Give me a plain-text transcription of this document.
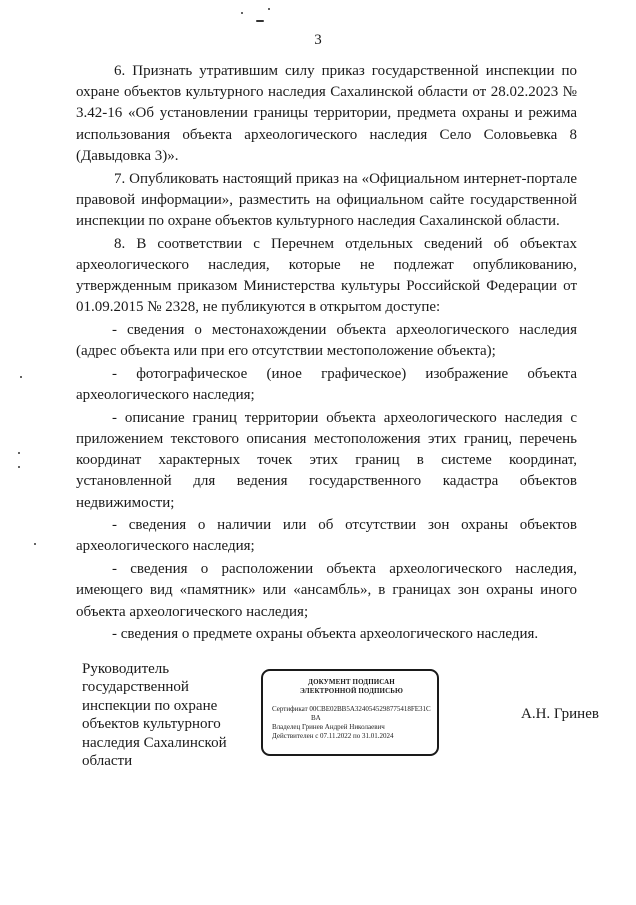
3

6. Признать утратившим силу приказ государственной инспекции по охране объектов культурного наследия Сахалинской области от 28.02.2023 № 3.42-16 «Об установлении границы территории, предмета охраны и режима использования объекта археологического наследия Село Соловьевка 8 (Давыдовка 3)».

7. Опубликовать настоящий приказ на «Официальном интернет-портале правовой информации», разместить на официальном сайте государственной инспекции по охране объектов культурного наследия Сахалинской области.

8. В соответствии с Перечнем отдельных сведений об объектах археологического наследия, которые не подлежат опубликованию, утвержденным приказом Министерства культуры Российской Федерации от 01.09.2015 № 2328, не публикуются в открытом доступе:

- сведения о местонахождении объекта археологического наследия (адрес объекта или при его отсутствии местоположение объекта);

- фотографическое (иное графическое) изображение объекта археологического наследия;

- описание границ территории объекта археологического наследия с приложением текстового описания местоположения этих границ, перечень координат характерных точек этих границ в системе координат, установленной для ведения государственного кадастра объектов недвижимости;

- сведения о наличии или об отсутствии зон охраны объектов археологического наследия;

- сведения о расположении объекта археологического наследия, имеющего вид «памятник» или «ансамбль», в границах зон охраны иного объекта археологического наследия;

- сведения о предмете охраны объекта археологического наследия.

Руководитель
государственной
инспекции по охране
объектов культурного
наследия Сахалинской
области
ДОКУМЕНТ ПОДПИСАН
ЭЛЕКТРОННОЙ ПОДПИСЬЮ
Сертификат 00CBE02BB5A3240545298775418FE31C
BA
Владелец Гринев Андрей Николаевич
Действителен с 07.11.2022 по 31.01.2024
А.Н. Гринев
